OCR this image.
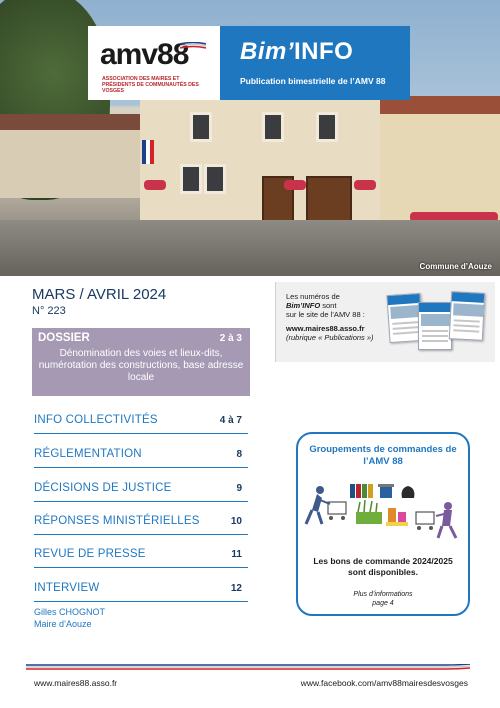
Commune d’Aouze
amv88
ASSOCIATION DES MAIRES ET PRÉSIDENTS DE COMMUNAUTÉS DES VOSGES
Bim’INFO
Publication bimestrielle de l’AMV 88
MARS / AVRIL 2024
N° 223
DOSSIER	2 à 3
Dénomination des voies et lieux-dits, numérotation des constructions, base adresse locale
INFO COLLECTIVITÉS	4 à 7
RÉGLEMENTATION	8
DÉCISIONS DE JUSTICE	9
RÉPONSES MINISTÉRIELLES	10
REVUE DE PRESSE	11
INTERVIEW	12
Gilles CHOGNOT
Maire d’Aouze
Les numéros de
Bim’INFO sont
sur le site de l’AMV 88 :
www.maires88.asso.fr
(rubrique « Publications »)
Groupements de commandes de l’AMV 88
Les bons de commande 2024/2025 sont disponibles.
Plus d’informations
page 4
www.maires88.asso.fr	www.facebook.com/amv88mairesdesvosges
